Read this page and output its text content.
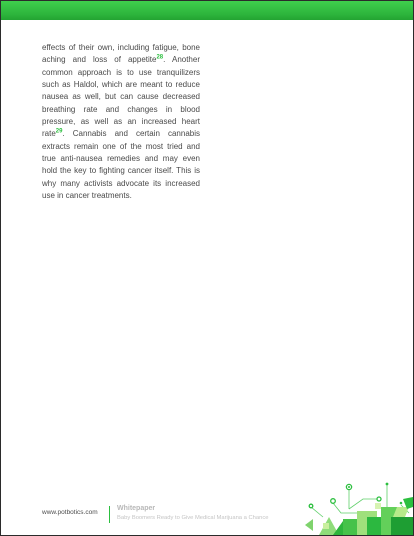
effects of their own, including fatigue, bone aching and loss of appetite$^{28}$. Another common approach is to use tranquilizers such as Haldol, which are meant to reduce nausea as well, but can cause decreased breathing rate and changes in blood pressure, as well as an increased heart rate$^{29}$. Cannabis and certain cannabis extracts remain one of the most tried and true anti-nausea remedies and may even hold the key to fighting cancer itself. This is why many activists advocate its increased use in cancer treatments.

www.potbotics.com
Whitepaper
Baby Boomers Ready to Give Medical Marijuana a Chance
